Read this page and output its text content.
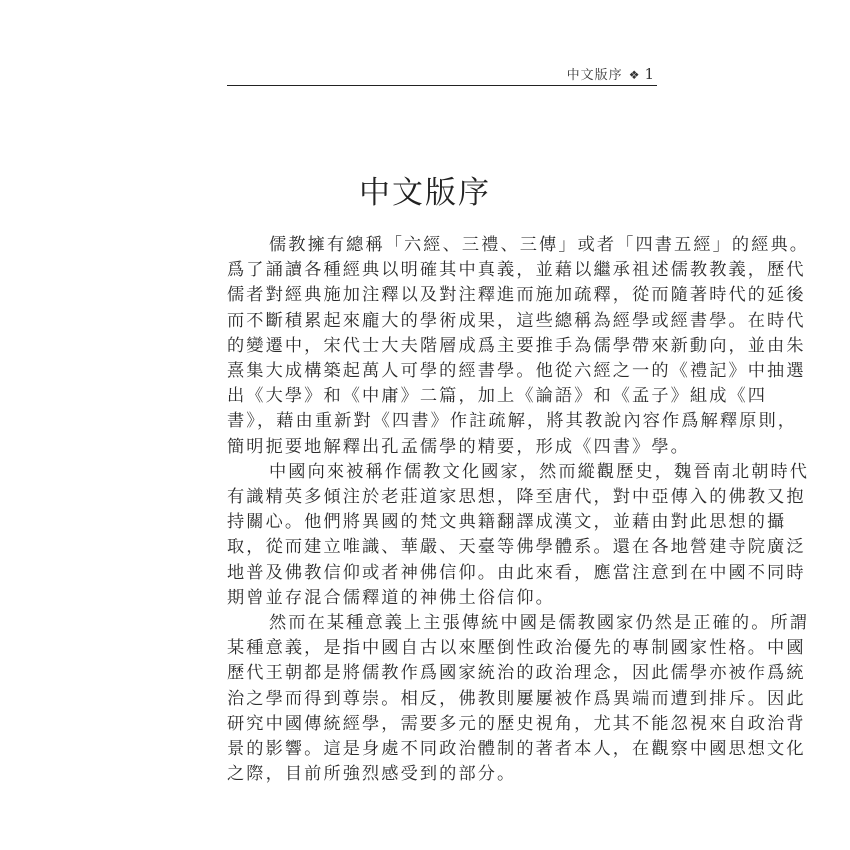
中文版序 ❖ 1
中文版序

儒教擁有總稱「六經、三禮、三傳」或者「四書五經」的經典。
爲了誦讀各種經典以明確其中真義，並藉以繼承祖述儒教教義，歷代
儒者對經典施加注釋以及對注釋進而施加疏釋，從而隨著時代的延後
而不斷積累起來龐大的學術成果，這些總稱為經學或經書學。在時代
的變遷中，宋代士大夫階層成爲主要推手為儒學帶來新動向，並由朱
熹集大成構築起萬人可學的經書學。他從六經之一的《禮記》中抽選
出《大學》和《中庸》二篇，加上《論語》和《孟子》組成《四
書》，藉由重新對《四書》作註疏解，將其教說內容作爲解釋原則，
簡明扼要地解釋出孔孟儒學的精要，形成《四書》學。

中國向來被稱作儒教文化國家，然而縱觀歷史，魏晉南北朝時代
有識精英多傾注於老莊道家思想，降至唐代，對中亞傳入的佛教又抱
持關心。他們將異國的梵文典籍翻譯成漢文，並藉由對此思想的攝
取，從而建立唯識、華嚴、天臺等佛學體系。還在各地營建寺院廣泛
地普及佛教信仰或者神佛信仰。由此來看，應當注意到在中國不同時
期曾並存混合儒釋道的神佛土俗信仰。

然而在某種意義上主張傳統中國是儒教國家仍然是正確的。所謂
某種意義，是指中國自古以來壓倒性政治優先的專制國家性格。中國
歷代王朝都是將儒教作爲國家統治的政治理念，因此儒學亦被作爲統
治之學而得到尊崇。相反，佛教則屢屢被作爲異端而遭到排斥。因此
研究中國傳統經學，需要多元的歷史視角，尤其不能忽視來自政治背
景的影響。這是身處不同政治體制的著者本人，在觀察中國思想文化
之際，目前所強烈感受到的部分。
